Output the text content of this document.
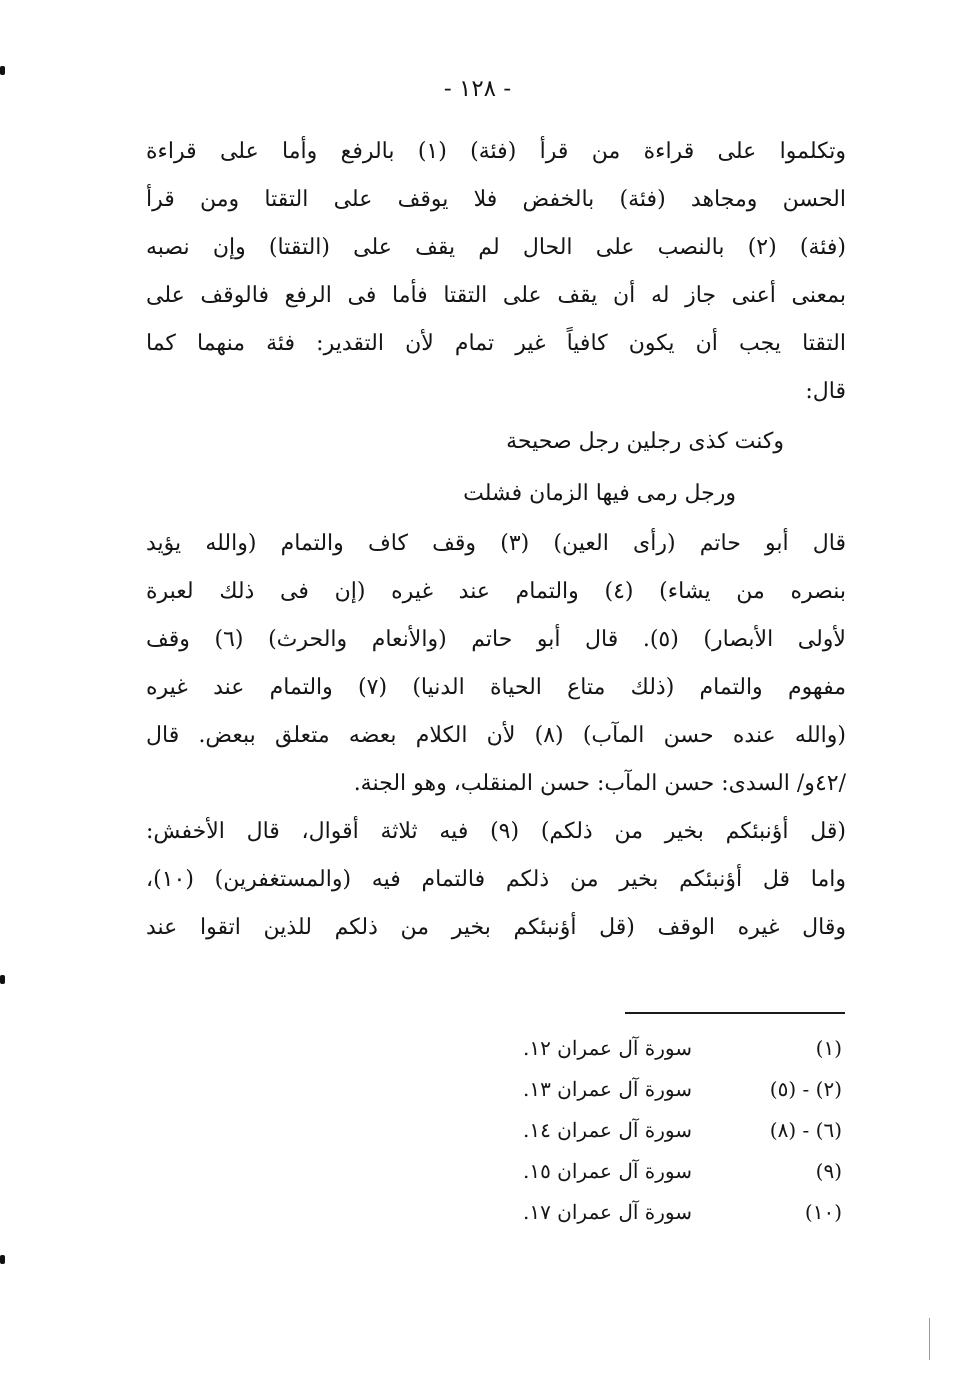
- ١٢٨ -
وتكلموا على قراءة من قرأ (فئة) (١) بالرفع وأما على قراءة
الحسن ومجاهد (فئة) بالخفض فلا يوقف على التقتا ومن قرأ
(فئة) (٢) بالنصب على الحال لم يقف على (التقتا) وإن نصبه
بمعنى أعنى جاز له أن يقف على التقتا فأما فى الرفع فالوقف على
التقتا يجب أن يكون كافياً غير تمام لأن التقدير: فئة منهما كما
قال:
وكنت كذى رجلين رجل صحيحة
ورجل رمى فيها الزمان فشلت
قال أبو حاتم (رأى العين) (٣) وقف كاف والتمام (والله يؤيد
بنصره من يشاء) (٤) والتمام عند غيره (إن فى ذلك لعبرة
لأولى الأبصار) (٥). قال أبو حاتم (والأنعام والحرث) (٦) وقف
مفهوم والتمام (ذلك متاع الحياة الدنيا) (٧) والتمام عند غيره
(والله عنده حسن المآب) (٨) لأن الكلام بعضه متعلق ببعض. قال
/٤٢و/ السدى: حسن المآب: حسن المنقلب، وهو الجنة.
(قل أؤنبئكم بخير من ذلكم) (٩) فيه ثلاثة أقوال، قال الأخفش:
واما قل أؤنبئكم بخير من ذلكم فالتمام فيه (والمستغفرين) (١٠)،
وقال غيره الوقف (قل أؤنبئكم بخير من ذلكم للذين اتقوا عند
(١)
سورة آل عمران ١٢.
(٢) - (٥)
سورة آل عمران ١٣.
(٦) - (٨)
سورة آل عمران ١٤.
(٩)
سورة آل عمران ١٥.
(١٠)
سورة آل عمران ١٧.
